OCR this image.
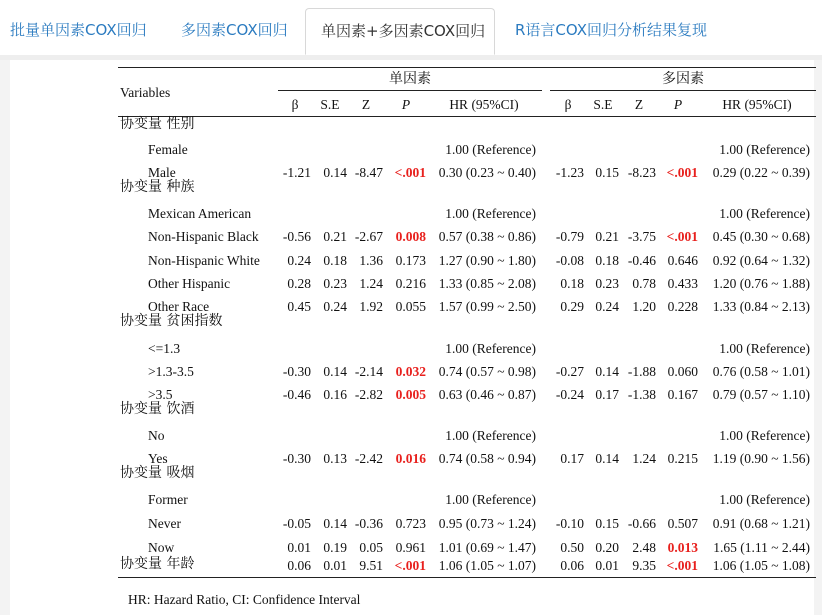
批量单因素COX回归 多因素COX回归	单因素+多因素COX回归	R语言COX回归分析结果复现
Variables
单因素	多因素
β	S.E	Z	P	HR (95%CI)	β	S.E	Z	P	HR (95%CI)
协变量 性别
Female	1.00 (Reference)	1.00 (Reference)
Male	-1.21 0.14 -8.47 <.001 0.30 (0.23 ~ 0.40)	-1.23 0.15 -8.23 <.001	0.29 (0.22 ~ 0.39)
协变量 种族
Mexican American	1.00 (Reference)	1.00 (Reference)
Non-Hispanic Black	-0.56 0.21 -2.67 0.008 0.57 (0.38 ~ 0.86)	-0.79 0.21 -3.75 <.001	0.45 (0.30 ~ 0.68)
Non-Hispanic White	0.24 0.18 1.36 0.173 1.27 (0.90 ~ 1.80)	-0.08 0.18 -0.46 0.646	0.92 (0.64 ~ 1.32)
Other Hispanic	0.28 0.23 1.24 0.216 1.33 (0.85 ~ 2.08)	0.18 0.23 0.78 0.433	1.20 (0.76 ~ 1.88)
Other Race	0.45 0.24 1.92 0.055 1.57 (0.99 ~ 2.50)	0.29 0.24 1.20 0.228	1.33 (0.84 ~ 2.13)
协变量 贫困指数
<=1.3	1.00 (Reference)	1.00 (Reference)
>1.3-3.5	-0.30 0.14 -2.14 0.032 0.74 (0.57 ~ 0.98)	-0.27 0.14 -1.88 0.060	0.76 (0.58 ~ 1.01)
>3.5	-0.46 0.16 -2.82 0.005 0.63 (0.46 ~ 0.87)	-0.24 0.17 -1.38 0.167	0.79 (0.57 ~ 1.10)
协变量 饮酒
No	1.00 (Reference)	1.00 (Reference)
Yes	-0.30 0.13 -2.42 0.016 0.74 (0.58 ~ 0.94)	0.17 0.14 1.24 0.215	1.19 (0.90 ~ 1.56)
协变量 吸烟
Former	1.00 (Reference)	1.00 (Reference)
Never	-0.05 0.14 -0.36 0.723 0.95 (0.73 ~ 1.24)	-0.10 0.15 -0.66 0.507	0.91 (0.68 ~ 1.21)
Now	0.01 0.19 0.05 0.961 1.01 (0.69 ~ 1.47)	0.50 0.20 2.48 0.013	1.65 (1.11 ~ 2.44)
协变量 年龄	0.06 0.01 9.51 <.001 1.06 (1.05 ~ 1.07)	0.06 0.01 9.35 <.001	1.06 (1.05 ~ 1.08)
HR: Hazard Ratio, CI: Confidence Interval
